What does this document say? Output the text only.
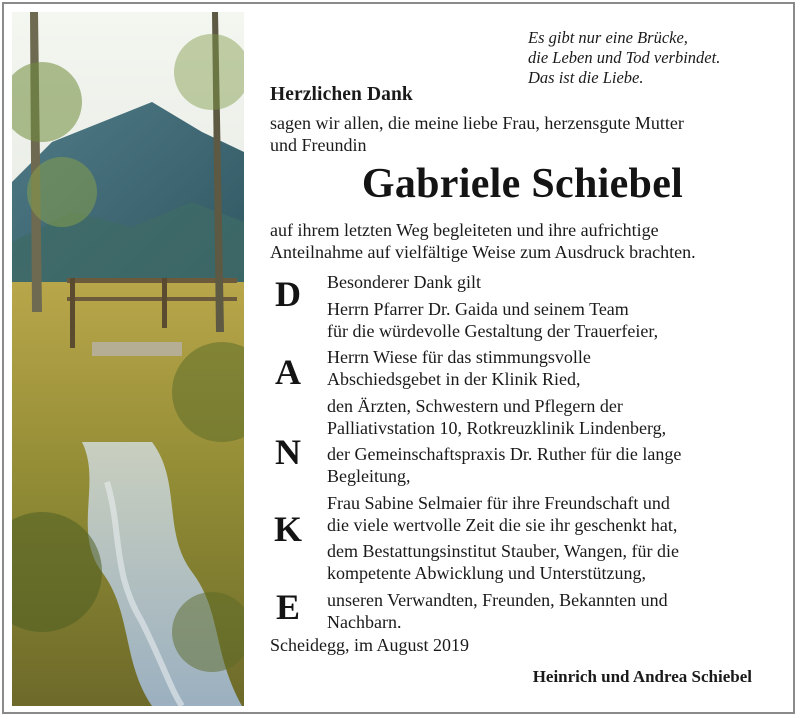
Es gibt nur eine Brücke,
die Leben und Tod verbindet.
Das ist die Liebe.
Herzlichen Dank
sagen wir allen, die meine liebe Frau, herzensgute Mutter
und Freundin
Gabriele Schiebel
auf ihrem letzten Weg begleiteten und ihre aufrichtige
Anteilnahme auf vielfältige Weise zum Ausdruck brachten.
D
A
N
K
E
Besonderer Dank gilt
Herrn Pfarrer Dr. Gaida und seinem Team
für die würdevolle Gestaltung der Trauerfeier,
Herrn Wiese für das stimmungsvolle
Abschiedsgebet in der Klinik Ried,
den Ärzten, Schwestern und Pflegern der
Palliativstation 10, Rotkreuzklinik Lindenberg,
der Gemeinschaftspraxis Dr. Ruther für die lange
Begleitung,
Frau Sabine Selmaier für ihre Freundschaft und
die viele wertvolle Zeit die sie ihr geschenkt hat,
dem Bestattungsinstitut Stauber, Wangen, für die
kompetente Abwicklung und Unterstützung,
unseren Verwandten, Freunden, Bekannten und
Nachbarn.
Scheidegg, im August 2019
Heinrich und Andrea Schiebel
